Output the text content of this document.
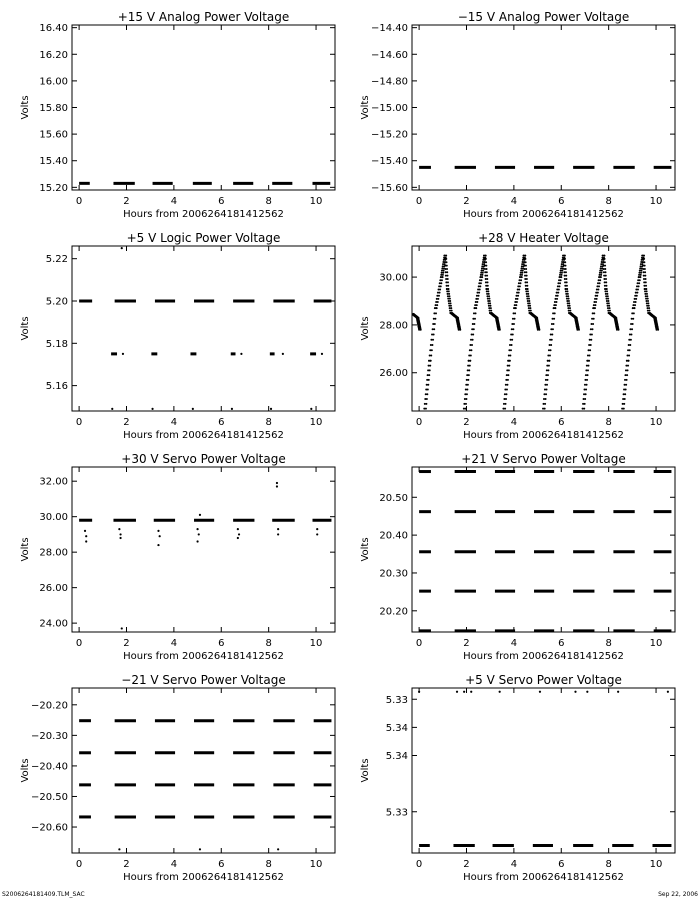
+15 V Analog Power Voltage
Volts
Hours from 2006264181412562
0	2	4	6	8	10
15.20
15.40
15.60
15.80
16.00
16.20
16.40
−15 V Analog Power Voltage
Volts
Hours from 2006264181412562
0	2	4	6	8	10
−14.40
−14.60
−14.80
−15.00
−15.20
−15.40
−15.60
+5 V Logic Power Voltage
Volts
Hours from 2006264181412562
0	2	4	6	8	10
5.16
5.18
5.20
5.22
+28 V Heater Voltage
Volts
Hours from 2006264181412562
0	2	4	6	8	10
26.00
28.00
30.00
+30 V Servo Power Voltage
Volts
Hours from 2006264181412562
0	2	4	6	8	10
24.00
26.00
28.00
30.00
32.00
+21 V Servo Power Voltage
Volts
Hours from 2006264181412562
0	2	4	6	8	10
20.20
20.30
20.40
20.50
−21 V Servo Power Voltage
Volts
Hours from 2006264181412562
0	2	4	6	8	10
−20.20
−20.30
−20.40
−20.50
−20.60
+5 V Servo Power Voltage
Volts
Hours from 2006264181412562
0	2	4	6	8	10
5.33
5.34
5.34
5.33
S2006264181409.TLM_SAC	Sep 22, 2006
